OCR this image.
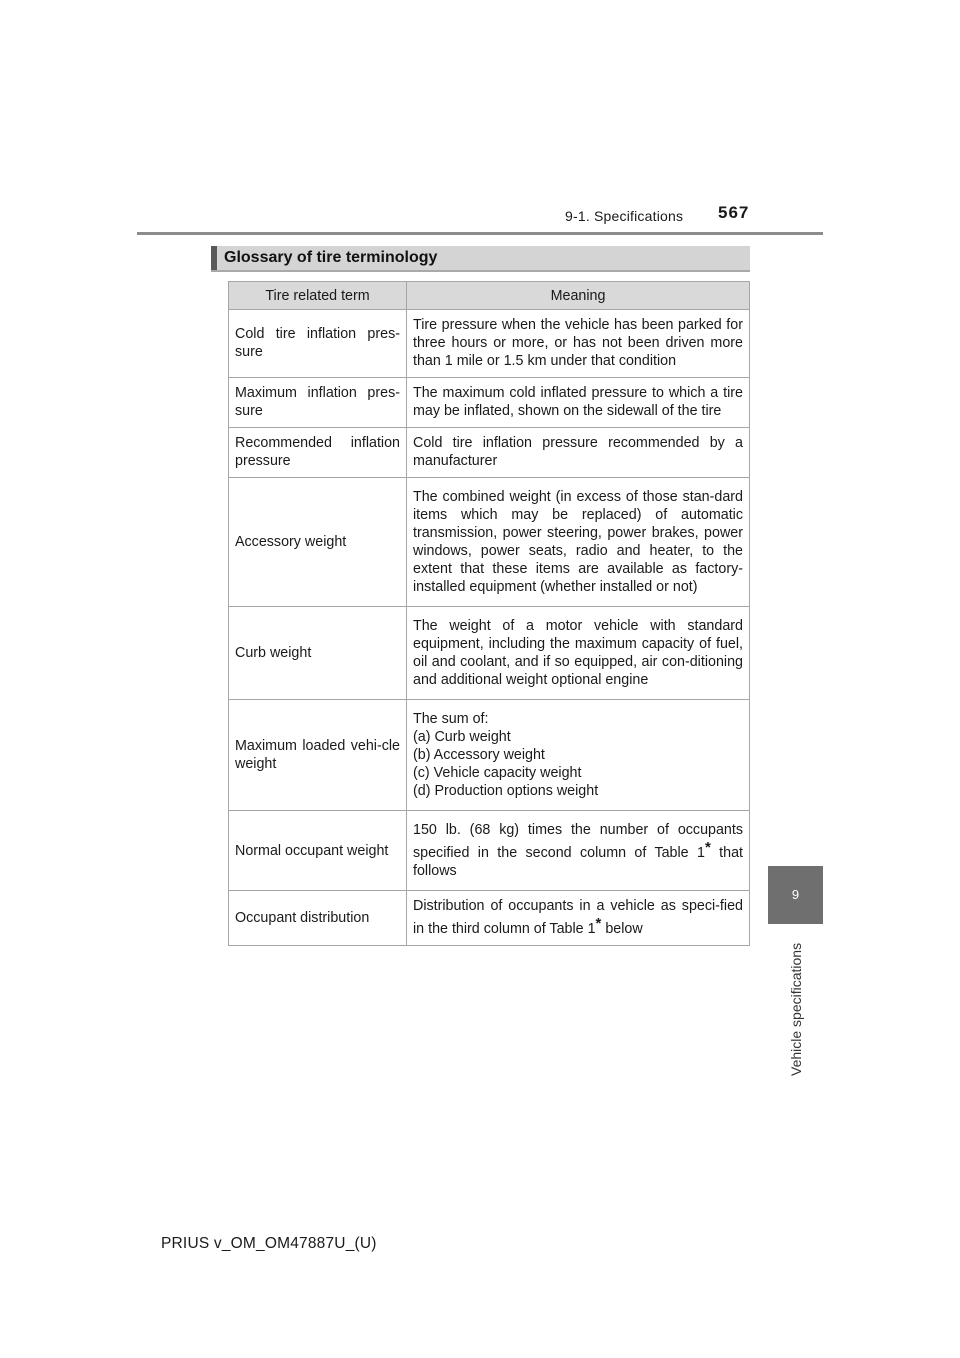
9-1. Specifications 567
9
Vehicle specifications
Glossary of tire terminology
Tire related term	Meaning
Cold tire inflation pres-sure	Tire pressure when the vehicle has been parked for three hours or more, or has not been driven more than 1 mile or 1.5 km under that condition
Maximum inflation pres-sure	The maximum cold inflated pressure to which a tire may be inflated, shown on the sidewall of the tire
Recommended inflation pressure	Cold tire inflation pressure recommended by a manufacturer
Accessory weight	The combined weight (in excess of those stan-dard items which may be replaced) of automatic transmission, power steering, power brakes, power windows, power seats, radio and heater, to the extent that these items are available as factory-installed equipment (whether installed or not)
Curb weight	The weight of a motor vehicle with standard equipment, including the maximum capacity of fuel, oil and coolant, and if so equipped, air con-ditioning and additional weight optional engine
Maximum loaded vehi-cle weight	The sum of:
(a) Curb weight
(b) Accessory weight
(c) Vehicle capacity weight
(d) Production options weight

Normal occupant weight	150 lb. (68 kg) times the number of occupants specified in the second column of Table 1* that follows
Occupant distribution	Distribution of occupants in a vehicle as speci-fied in the third column of Table 1* below
PRIUS v_OM_OM47887U_(U)
